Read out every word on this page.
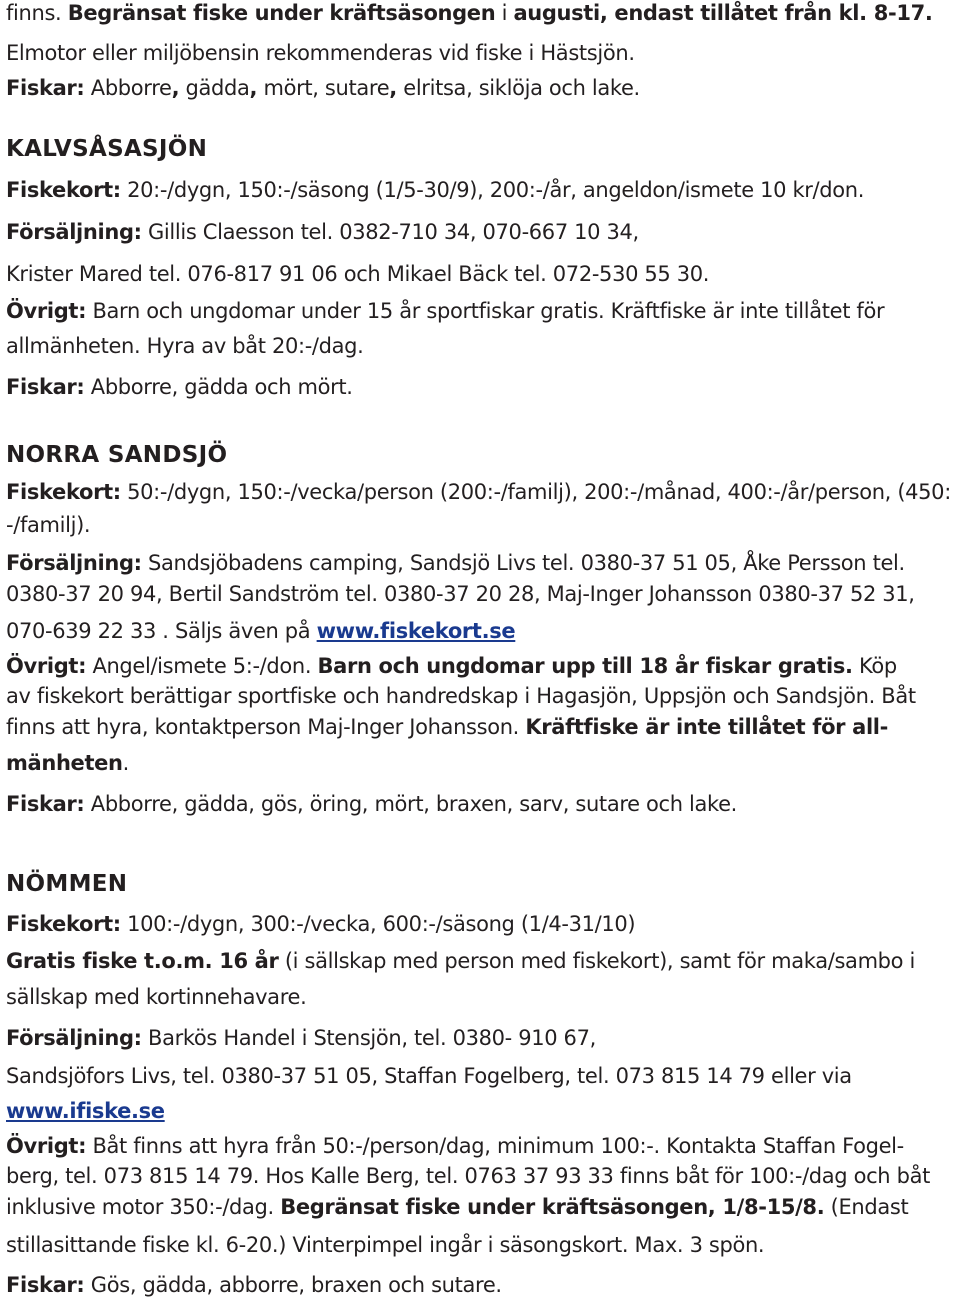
finns. Begränsat fiske under kräftsäsongen i augusti, endast tillåtet från kl. 8-17.

Elmotor eller miljöbensin rekommenderas vid fiske i Hästsjön.

Fiskar: Abborre, gädda, mört, sutare, elritsa, siklöja och lake.

KALVSÅSASJÖN

Fiskekort: 20:-/dygn, 150:-/säsong (1/5-30/9), 200:-/år, angeldon/ismete 10 kr/don.

Försäljning: Gillis Claesson tel. 0382-710 34, 070-667 10 34,

Krister Mared tel. 076-817 91 06 och Mikael Bäck tel. 072-530 55 30.

Övrigt: Barn och ungdomar under 15 år sportfiskar gratis. Kräftfiske är inte tillåtet för

allmänheten. Hyra av båt 20:-/dag.

Fiskar: Abborre, gädda och mört.

NORRA SANDSJÖ

Fiskekort: 50:-/dygn, 150:-/vecka/person (200:-/familj), 200:-/månad, 400:-/år/person, (450:

-/familj).

Försäljning: Sandsjöbadens camping, Sandsjö Livs tel. 0380-37 51 05, Åke Persson tel.

0380-37 20 94, Bertil Sandström tel. 0380-37 20 28, Maj-Inger Johansson 0380-37 52 31,

070-639 22 33 . Säljs även på www.fiskekort.se

Övrigt: Angel/ismete 5:-/don. Barn och ungdomar upp till 18 år fiskar gratis. Köp

av fiskekort berättigar sportfiske och handredskap i Hagasjön, Uppsjön och Sandsjön. Båt

finns att hyra, kontaktperson Maj-Inger Johansson. Kräftfiske är inte tillåtet för all-

mänheten.

Fiskar: Abborre, gädda, gös, öring, mört, braxen, sarv, sutare och lake.

NÖMMEN

Fiskekort: 100:-/dygn, 300:-/vecka, 600:-/säsong (1/4-31/10)

Gratis fiske t.o.m. 16 år (i sällskap med person med fiskekort), samt för maka/sambo i

sällskap med kortinnehavare.

Försäljning: Barkös Handel i Stensjön, tel. 0380- 910 67,

Sandsjöfors Livs, tel. 0380-37 51 05, Staffan Fogelberg, tel. 073 815 14 79 eller via

www.ifiske.se

Övrigt: Båt finns att hyra från 50:-/person/dag, minimum 100:-. Kontakta Staffan Fogel-

berg, tel. 073 815 14 79. Hos Kalle Berg, tel. 0763 37 93 33 finns båt för 100:-/dag och båt

inklusive motor 350:-/dag. Begränsat fiske under kräftsäsongen, 1/8-15/8. (Endast

stillasittande fiske kl. 6-20.) Vinterpimpel ingår i säsongskort. Max. 3 spön.

Fiskar: Gös, gädda, abborre, braxen och sutare.
